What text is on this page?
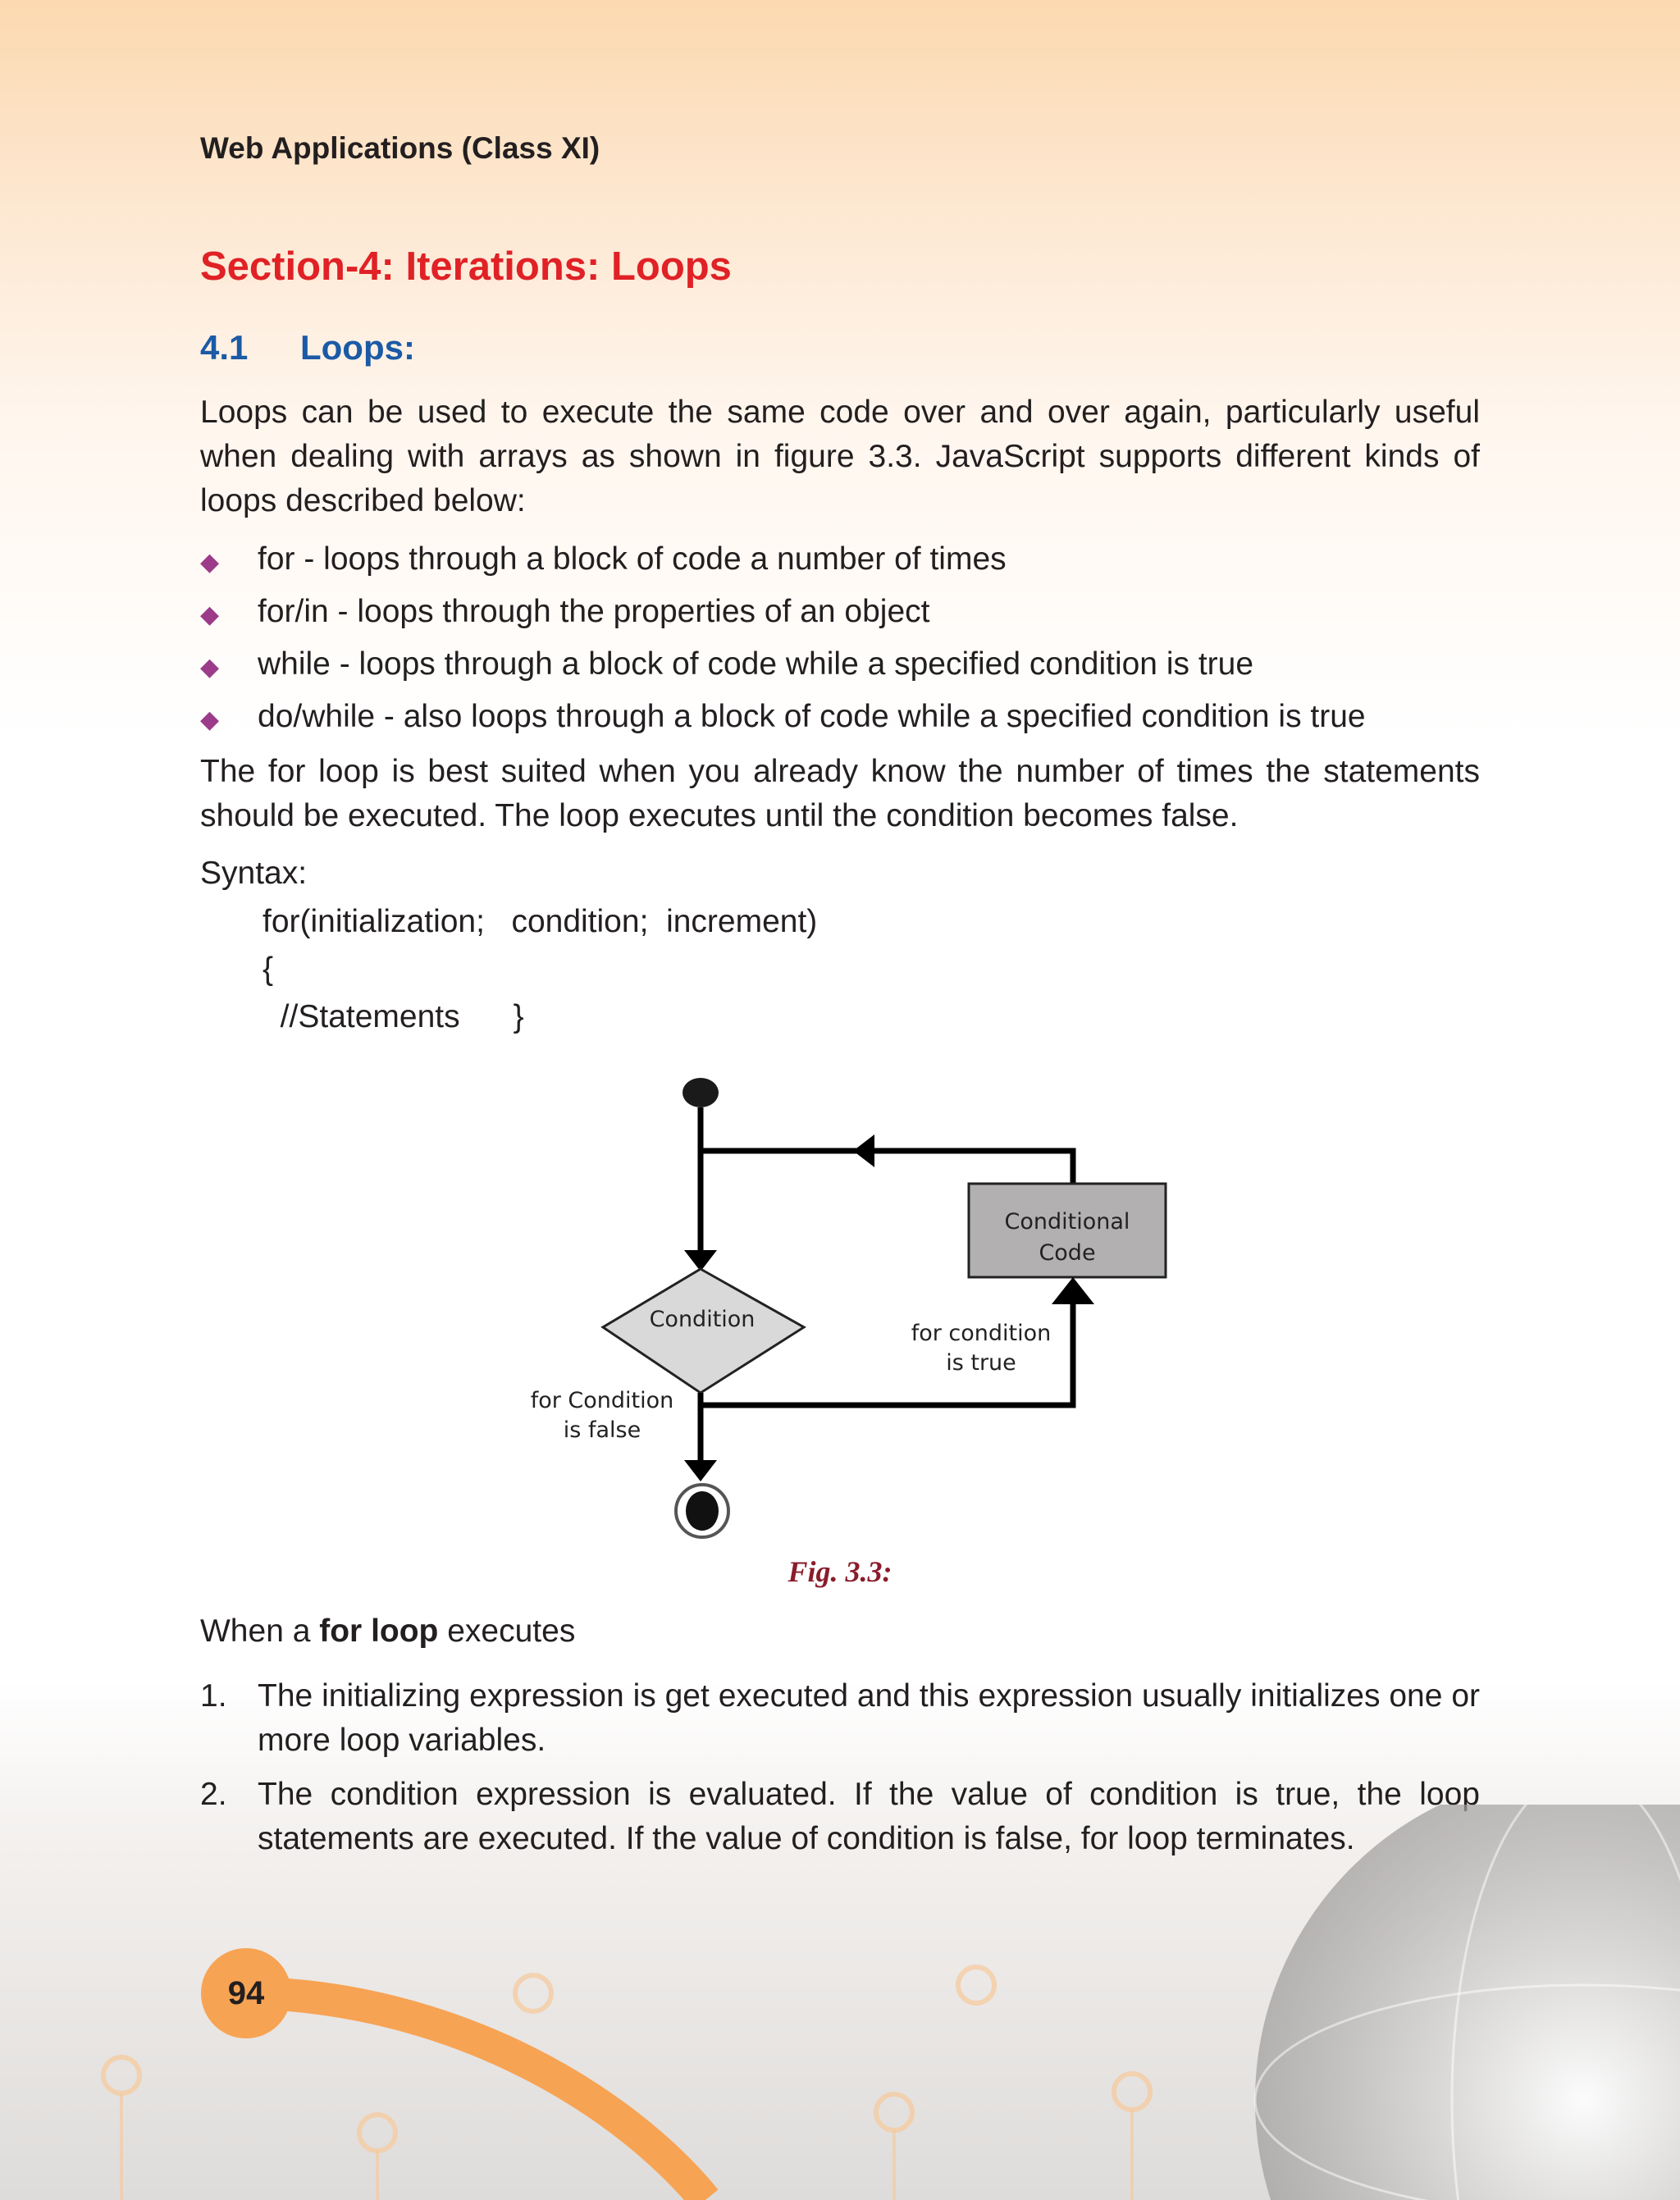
Web Applications (Class XI)
Section-4: Iterations: Loops
4.1 Loops:
Loops can be used to execute the same code over and over again, particularly useful when dealing with arrays as shown in figure 3.3. JavaScript supports different kinds of loops described below:
◆ for - loops through a block of code a number of times
◆ for/in - loops through the properties of an object
◆ while - loops through a block of code while a specified condition is true
◆ do/while - also loops through a block of code while a specified condition is true
The for loop is best suited when you already know the number of times the statements should be executed. The loop executes until the condition becomes false.
Syntax:
for(initialization;   condition;  increment)
{
//Statements      }
Conditional
Code
Condition
for condition
is true
for Condition
is false
Fig. 3.3:
When a for loop executes
1. The initializing expression is get executed and this expression usually initializes one or more loop variables.
2. The condition expression is evaluated. If the value of condition is true, the loop statements are executed. If the value of condition is false, for loop terminates.
94
